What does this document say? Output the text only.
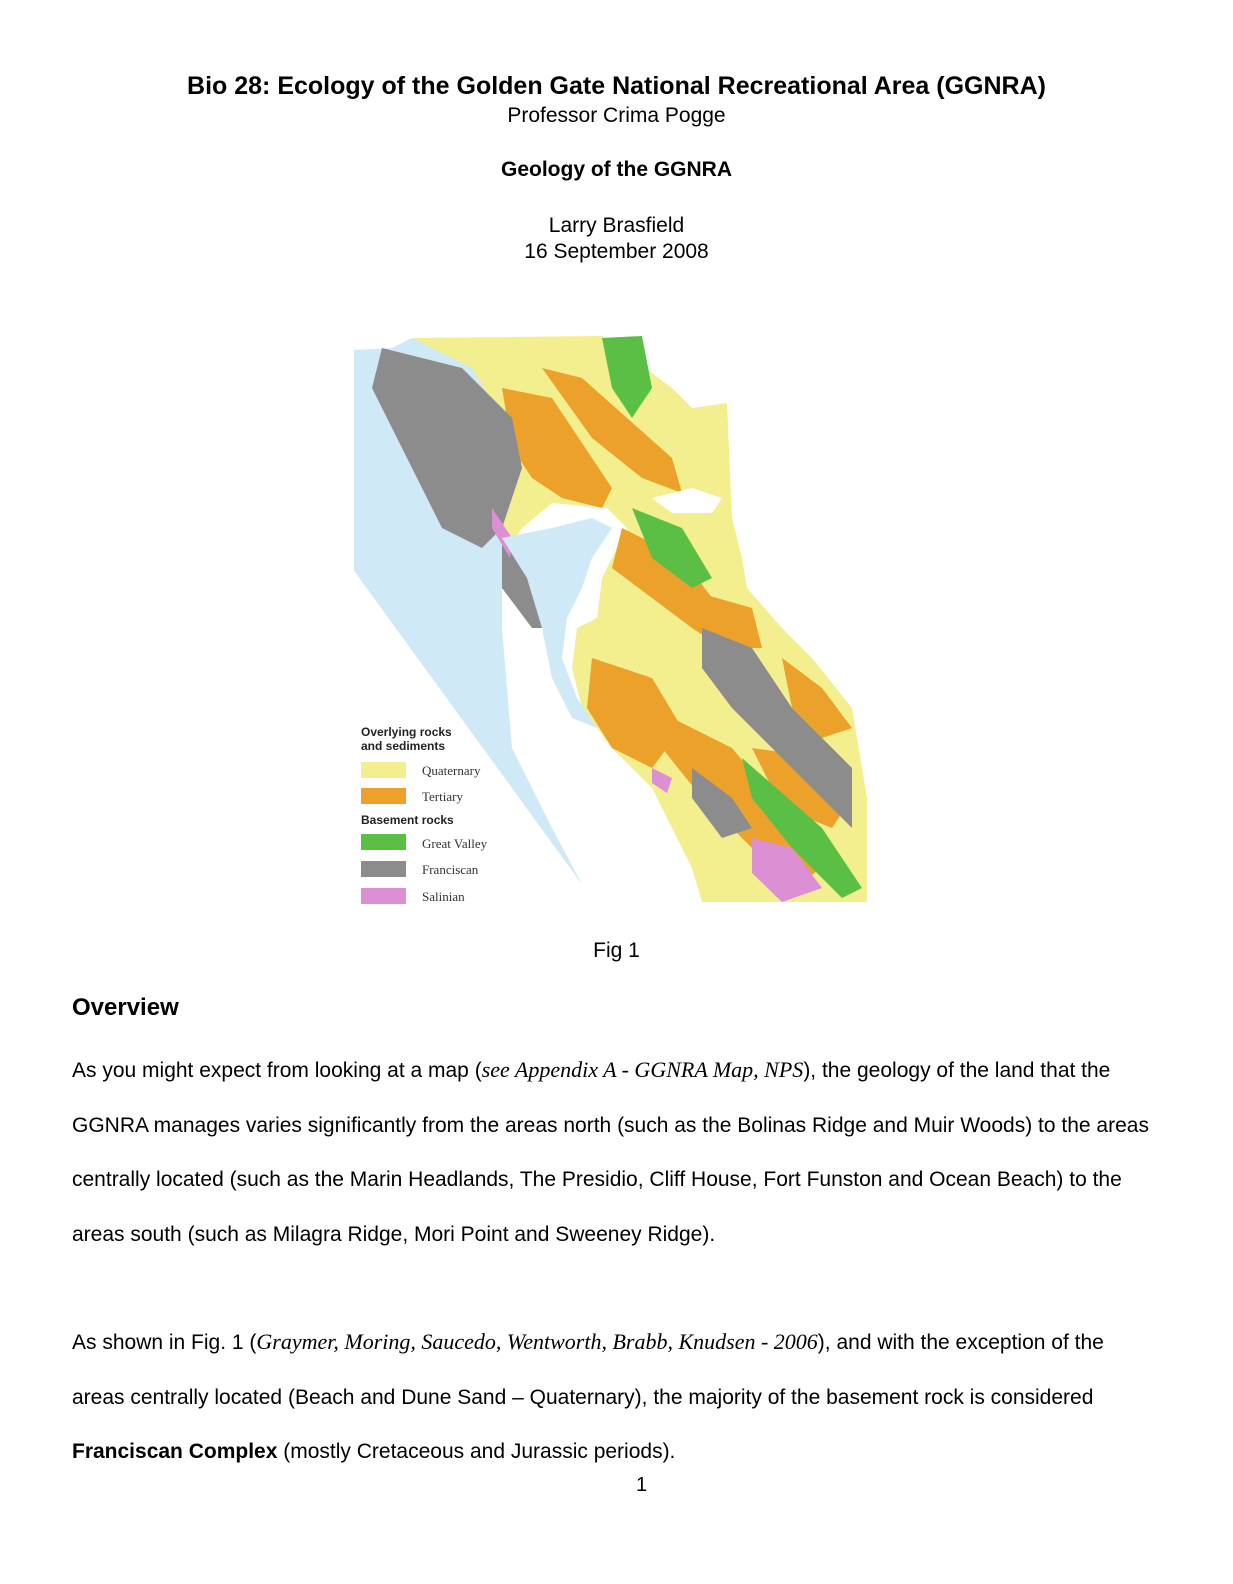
Bio 28: Ecology of the Golden Gate National Recreational Area (GGNRA)
Professor Crima Pogge
Geology of the GGNRA
Larry Brasfield
16 September 2008
Overlying rocks
and sediments
Quaternary
Tertiary
Basement rocks
Great Valley
Franciscan
Salinian
Fig 1
Overview
As you might expect from looking at a map (see Appendix A - GGNRA Map, NPS), the geology of the land that the GGNRA manages varies significantly from the areas north (such as the Bolinas Ridge and Muir Woods) to the areas centrally located (such as the Marin Headlands, The Presidio, Cliff House, Fort Funston and Ocean Beach) to the areas south (such as Milagra Ridge, Mori Point and Sweeney Ridge).
As shown in Fig. 1 (Graymer, Moring, Saucedo, Wentworth, Brabb, Knudsen - 2006), and with the exception of the areas centrally located (Beach and Dune Sand – Quaternary), the majority of the basement rock is considered Franciscan Complex (mostly Cretaceous and Jurassic periods).
1
